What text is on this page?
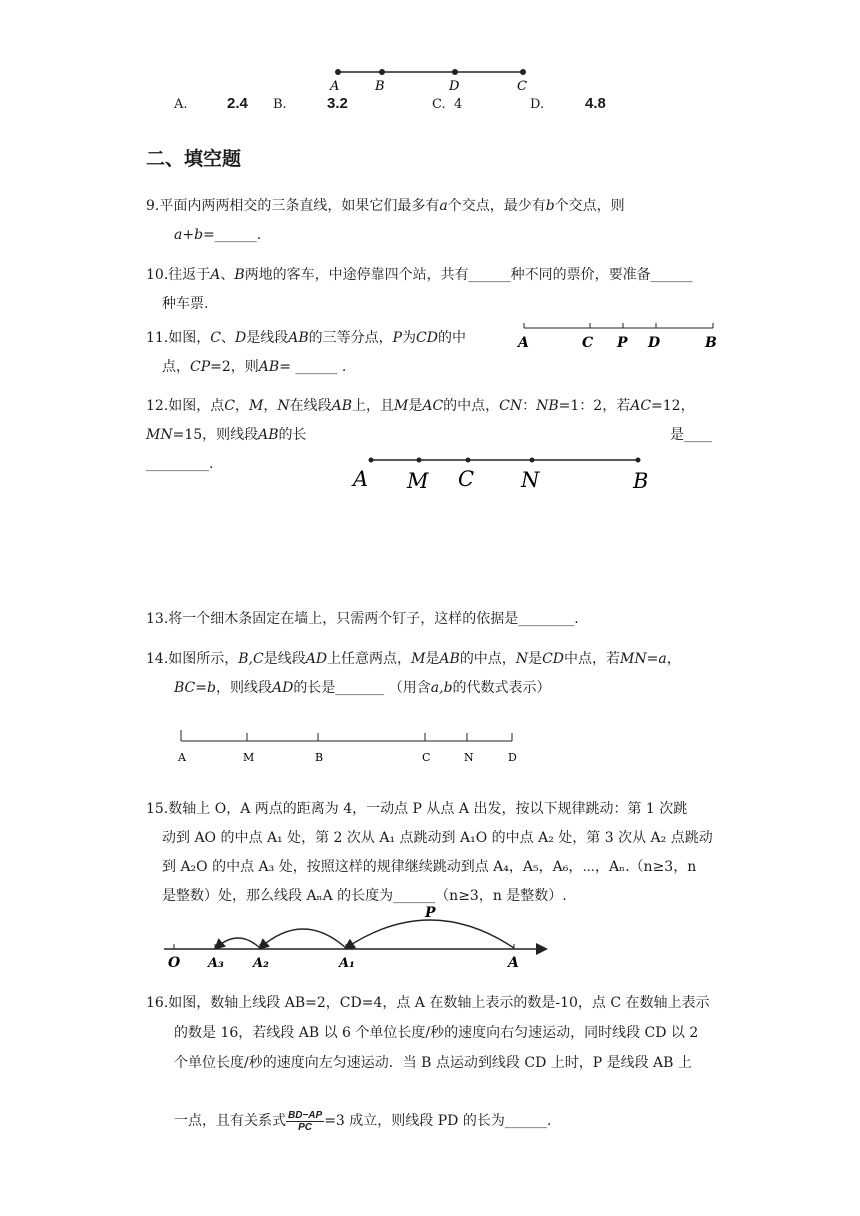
A	B	D	C
A.	2.4 B.	3.2	C. 4	D.	4.8
二、填空题
9.平面内两两相交的三条直线，如果它们最多有a个交点，最少有b个交点，则
a+b=______.
10.往返于A、B两地的客车，中途停靠四个站，共有______种不同的票价，要准备______
种车票.
11.如图，C、D是线段AB的三等分点，P为CD的中
点，CP=2，则AB= ______ .
A	C P D	B
12.如图，点C，M，N在线段AB上，且M是AC的中点，CN：NB=1：2，若AC=12，
MN=15，则线段AB的长	是____

_________.
A M C N	B
13.将一个细木条固定在墙上，只需两个钉子，这样的依据是________.
14.如图所示，B,C是线段AD上任意两点，M是AB的中点，N是CD中点，若MN=a，
BC=b，则线段AD的长是_______ （用含a,b的代数式表示）
A	M	B	C	N	D
15.数轴上 O，A 两点的距离为 4，一动点 P 从点 A 出发，按以下规律跳动：第 1 次跳
动到 AO 的中点 A₁ 处，第 2 次从 A₁ 点跳动到 A₁O 的中点 A₂ 处，第 3 次从 A₂ 点跳动
到 A₂O 的中点 A₃ 处，按照这样的规律继续跳动到点 A₄，A₅，A₆，⋯，Aₙ.（n≥3，n
是整数）处，那么线段 AₙA 的长度为______（n≥3，n 是整数）.
P
O A₃ A₂	A₁	A
16.如图，数轴上线段 AB=2，CD=4，点 A 在数轴上表示的数是-10，点 C 在数轴上表示
的数是 16，若线段 AB 以 6 个单位长度/秒的速度向右匀速运动，同时线段 CD 以 2
个单位长度/秒的速度向左匀速运动．当 B 点运动到线段 CD 上时，P 是线段 AB 上
一点，且有关系式 $\frac{BD-AP}{PC} =3$ 成立，则线段 PD 的长为______.
